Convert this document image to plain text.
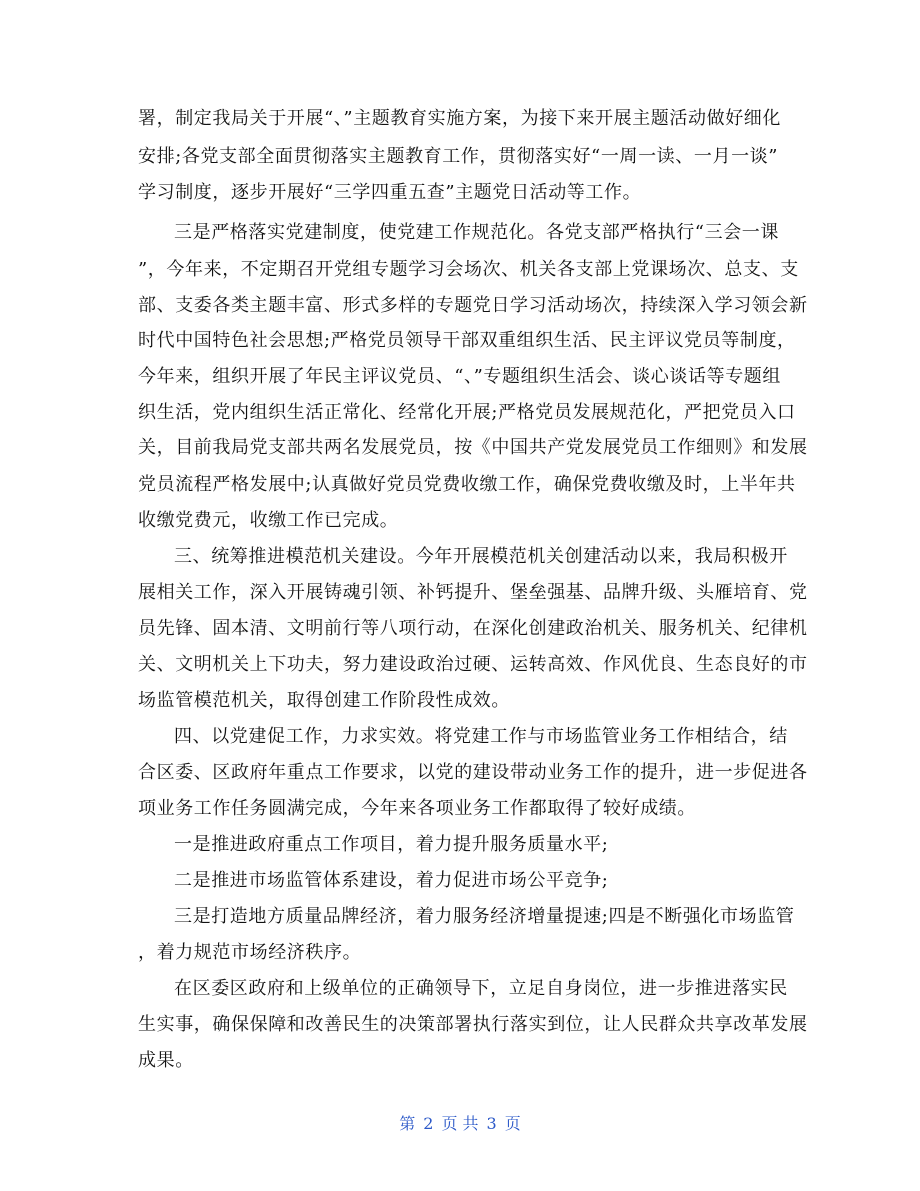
署，制定我局关于开展“、”主题教育实施方案，为接下来开展主题活动做好细化
安排;各党支部全面贯彻落实主题教育工作，贯彻落实好“一周一读、一月一谈”
学习制度，逐步开展好“三学四重五查”主题党日活动等工作。
三是严格落实党建制度，使党建工作规范化。各党支部严格执行“三会一课
”，今年来，不定期召开党组专题学习会场次、机关各支部上党课场次、总支、支
部、支委各类主题丰富、形式多样的专题党日学习活动场次，持续深入学习领会新
时代中国特色社会思想;严格党员领导干部双重组织生活、民主评议党员等制度，
今年来，组织开展了年民主评议党员、“、”专题组织生活会、谈心谈话等专题组
织生活，党内组织生活正常化、经常化开展;严格党员发展规范化，严把党员入口
关，目前我局党支部共两名发展党员，按《中国共产党发展党员工作细则》和发展
党员流程严格发展中;认真做好党员党费收缴工作，确保党费收缴及时，上半年共
收缴党费元，收缴工作已完成。
三、统筹推进模范机关建设。今年开展模范机关创建活动以来，我局积极开
展相关工作，深入开展铸魂引领、补钙提升、堡垒强基、品牌升级、头雁培育、党
员先锋、固本清、文明前行等八项行动，在深化创建政治机关、服务机关、纪律机
关、文明机关上下功夫，努力建设政治过硬、运转高效、作风优良、生态良好的市
场监管模范机关，取得创建工作阶段性成效。
四、以党建促工作，力求实效。将党建工作与市场监管业务工作相结合，结
合区委、区政府年重点工作要求，以党的建设带动业务工作的提升，进一步促进各
项业务工作任务圆满完成，今年来各项业务工作都取得了较好成绩。
一是推进政府重点工作项目，着力提升服务质量水平;
二是推进市场监管体系建设，着力促进市场公平竞争;
三是打造地方质量品牌经济，着力服务经济增量提速;四是不断强化市场监管
，着力规范市场经济秩序。
在区委区政府和上级单位的正确领导下，立足自身岗位，进一步推进落实民
生实事，确保保障和改善民生的决策部署执行落实到位，让人民群众共享改革发展
成果。
第 2 页 共 3 页
